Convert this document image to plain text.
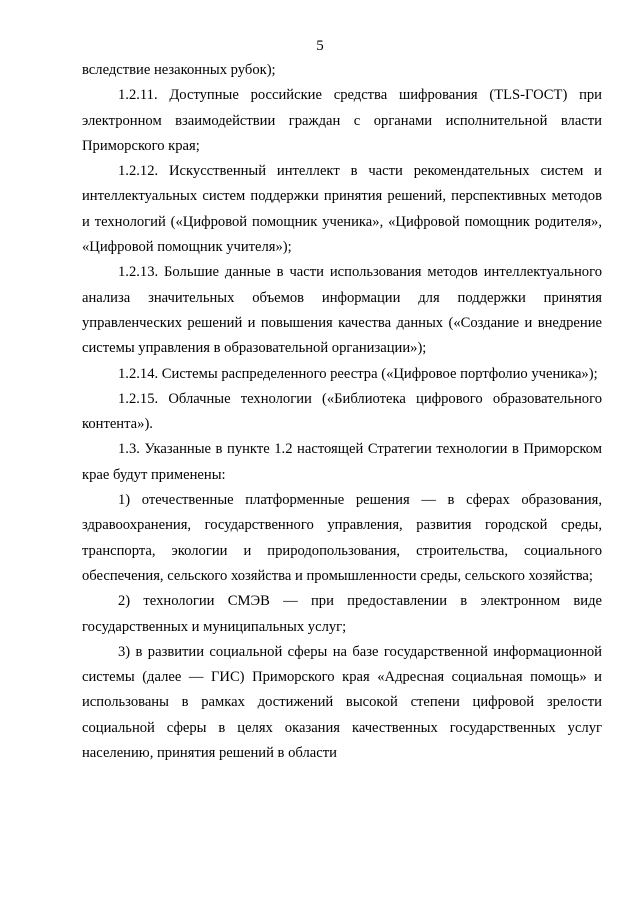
5

вследствие незаконных рубок);

1.2.11. Доступные российские средства шифрования (TLS-ГОСТ) при электронном взаимодействии граждан с органами исполнительной власти Приморского края;

1.2.12. Искусственный интеллект в части рекомендательных систем и интеллектуальных систем поддержки принятия решений, перспективных методов и технологий («Цифровой помощник ученика», «Цифровой помощник родителя», «Цифровой помощник учителя»);

1.2.13. Большие данные в части использования методов интеллектуального анализа значительных объемов информации для поддержки принятия управленческих решений и повышения качества данных («Создание и внедрение системы управления в образовательной организации»);

1.2.14. Системы распределенного реестра («Цифровое портфолио ученика»);

1.2.15. Облачные технологии («Библиотека цифрового образовательного контента»).

1.3. Указанные в пункте 1.2 настоящей Стратегии технологии в Приморском крае будут применены:

1) отечественные платформенные решения — в сферах образования, здравоохранения, государственного управления, развития городской среды, транспорта, экологии и природопользования, строительства, социального обеспечения, сельского хозяйства и промышленности среды, сельского хозяйства;

2) технологии СМЭВ — при предоставлении в электронном виде государственных и муниципальных услуг;

3) в развитии социальной сферы на базе государственной информационной системы (далее — ГИС) Приморского края «Адресная социальная помощь» и использованы в рамках достижений высокой степени цифровой зрелости социальной сферы в целях оказания качественных государственных услуг населению, принятия решений в области
